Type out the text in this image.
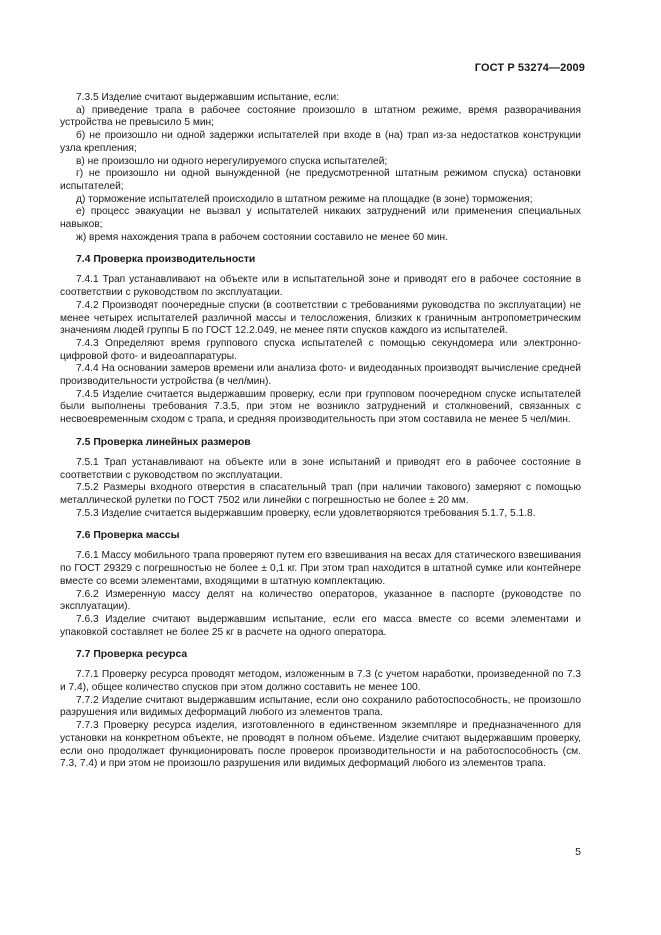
ГОСТ Р 53274—2009

7.3.5 Изделие считают выдержавшим испытание, если:

а) приведение трапа в рабочее состояние произошло в штатном режиме, время разворачивания устройства не превысило 5 мин;

б) не произошло ни одной задержки испытателей при входе в (на) трап из-за недостатков конструкции узла крепления;

в) не произошло ни одного нерегулируемого спуска испытателей;

г) не произошло ни одной вынужденной (не предусмотренной штатным режимом спуска) остановки испытателей;

д) торможение испытателей происходило в штатном режиме на площадке (в зоне) торможения;

е) процесс эвакуации не вызвал у испытателей никаких затруднений или применения специальных навыков;

ж) время нахождения трапа в рабочем состоянии составило не менее 60 мин.

7.4 Проверка производительности

7.4.1 Трап устанавливают на объекте или в испытательной зоне и приводят его в рабочее состояние в соответствии с руководством по эксплуатации.

7.4.2 Производят поочередные спуски (в соответствии с требованиями руководства по эксплуатации) не менее четырех испытателей различной массы и телосложения, близких к граничным антропометрическим значениям людей группы Б по ГОСТ 12.2.049, не менее пяти спусков каждого из испытателей.

7.4.3 Определяют время группового спуска испытателей с помощью секундомера или электронно-цифровой фото- и видеоаппаратуры.

7.4.4 На основании замеров времени или анализа фото- и видеоданных производят вычисление средней производительности устройства (в чел/мин).

7.4.5 Изделие считается выдержавшим проверку, если при групповом поочередном спуске испытателей были выполнены требования 7.3.5, при этом не возникло затруднений и столкновений, связанных с несвоевременным сходом с трапа, и средняя производительность при этом составила не менее 5 чел/мин.

7.5 Проверка линейных размеров

7.5.1 Трап устанавливают на объекте или в зоне испытаний и приводят его в рабочее состояние в соответствии с руководством по эксплуатации.

7.5.2 Размеры входного отверстия в спасательный трап (при наличии такового) замеряют с помощью металлической рулетки по ГОСТ 7502 или линейки с погрешностью не более ± 20 мм.

7.5.3 Изделие считается выдержавшим проверку, если удовлетворяются требования 5.1.7, 5.1.8.

7.6 Проверка массы

7.6.1 Массу мобильного трапа проверяют путем его взвешивания на весах для статического взвешивания по ГОСТ 29329 с погрешностью не более ± 0,1 кг. При этом трап находится в штатной сумке или контейнере вместе со всеми элементами, входящими в штатную комплектацию.

7.6.2 Измеренную массу делят на количество операторов, указанное в паспорте (руководстве по эксплуатации).

7.6.3 Изделие считают выдержавшим испытание, если его масса вместе со всеми элементами и упаковкой составляет не более 25 кг в расчете на одного оператора.

7.7 Проверка ресурса

7.7.1 Проверку ресурса проводят методом, изложенным в 7.3 (с учетом наработки, произведенной по 7.3 и 7.4), общее количество спусков при этом должно составить не менее 100.

7.7.2 Изделие считают выдержавшим испытание, если оно сохранило работоспособность, не произошло разрушения или видимых деформаций любого из элементов трапа.

7.7.3 Проверку ресурса изделия, изготовленного в единственном экземпляре и предназначенного для установки на конкретном объекте, не проводят в полном объеме. Изделие считают выдержавшим проверку, если оно продолжает функционировать после проверок производительности и на работоспособность (см. 7.3, 7.4) и при этом не произошло разрушения или видимых деформаций любого из элементов трапа.

5
